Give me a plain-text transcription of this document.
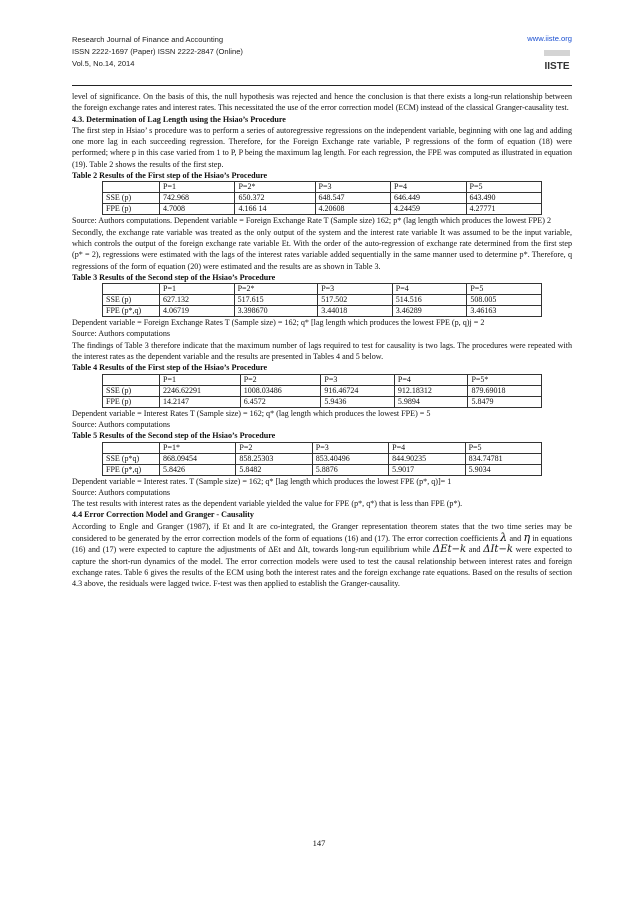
Research Journal of Finance and Accounting
ISSN 2222-1697 (Paper) ISSN 2222-2847 (Online)
Vol.5, No.14, 2014
www.iiste.org
IISTE

level of significance. On the basis of this, the null hypothesis was rejected and hence the conclusion is that there exists a long-run relationship between the foreign exchange rates and interest rates. This necessitated the use of the error correction model (ECM) instead of the classical Granger-causality test.

4.3. Determination of Lag Length using the Hsiao’s Procedure

The first step in Hsiao’ s procedure was to perform a series of autoregressive regressions on the independent variable, beginning with one lag and adding one more lag in each succeeding regression. Therefore, for the Foreign Exchange rate variable, P regressions of the form of equation (18) were performed; where p in this case varied from 1 to P, P being the maximum lag length. For each regression, the FPE was computed as illustrated in equation (19). Table 2 shows the results of the first step.

Table 2 Results of the First step of the Hsiao’s Procedure

	P=1	P=2*	P=3	P=4	P=5
SSE (p)	742.968	650.372	648.547	646.449	643.490
FPE (p)	4.7008	4.166 14	4.20608	4.24459	4.27771

Source: Authors computations. Dependent variable = Foreign Exchange Rate T (Sample size) 162; p* (lag length which produces the lowest FPE) 2

Secondly, the exchange rate variable was treated as the only output of the system and the interest rate variable It was assumed to be the input variable, which controls the output of the foreign exchange rate variable Et. With the order of the auto-regression of exchange rate determined from the first step (p* = 2), regressions were estimated with the lags of the interest rates variable added sequentially in the same manner used to determine p*. Therefore, q regressions of the form of equation (20) were estimated and the results are as shown in Table 3.

Table 3 Results of the Second step of the Hsiao’s Procedure

	P=1	P=2*	P=3	P=4	P=5
SSE (p)	627.132	517.615	517.502	514.516	508.005
FPE (p*,q)	4.06719	3.398670	3.44018	3.46289	3.46163

Dependent variable = Foreign Exchange Rates T (Sample size) = 162; q* [lag length which produces the lowest FPE (p, q)j = 2

Source: Authors computations

The findings of Table 3 therefore indicate that the maximum number of lags required to test for causality is two lags. The procedures were repeated with the interest rates as the dependent variable and the results are presented in Tables 4 and 5 below.

Table 4 Results of the First step of the Hsiao’s Procedure

	P=1	P=2	P=3	P=4	P=5*
SSE (p)	2246.62291	1008.03486	916.46724	912.18312	879.69018
FPE (p)	14.2147	6.4572	5.9436	5.9894	5.8479

Dependent variable = Interest Rates T (Sample size) = 162; q* (lag length which produces the lowest FPE) = 5

Source: Authors computations

Table 5 Results of the Second step of the Hsiao’s Procedure

	P=1*	P=2	P=3	P=4	P=5
SSE (p*q)	868.09454	858.25303	853.40496	844.90235	834.74781
FPE (p*,q)	5.8426	5.8482	5.8876	5.9017	5.9034

Dependent variable = Interest rates. T (Sample size) = 162; q* [lag length which produces the lowest FPE (p*, q)]= 1

Source: Authors computations

The test results with interest rates as the dependent variable yielded the value for FPE (p*, q*) that is less than FPE (p*).

4.4 Error Correction Model and Granger - Causality

According to Engle and Granger (1987), if Et and It are co-integrated, the Granger representation theorem states that the two time series may be considered to be generated by the error correction models of the form of equations (16) and (17). The error correction coefficients λ and η in equations (16) and (17) were expected to capture the adjustments of ΔEt and ΔIt, towards long-run equilibrium while ΔEt−k and ΔIt−k were expected to capture the short-run dynamics of the model. The error correction models were used to test the causal relationship between interest rates and foreign exchange rates. Table 6 gives the results of the ECM using both the interest rates and the foreign exchange rate equations. Based on the results of section 4.3 above, the residuals were lagged twice. F-test was then applied to establish the Granger-causality.

147
